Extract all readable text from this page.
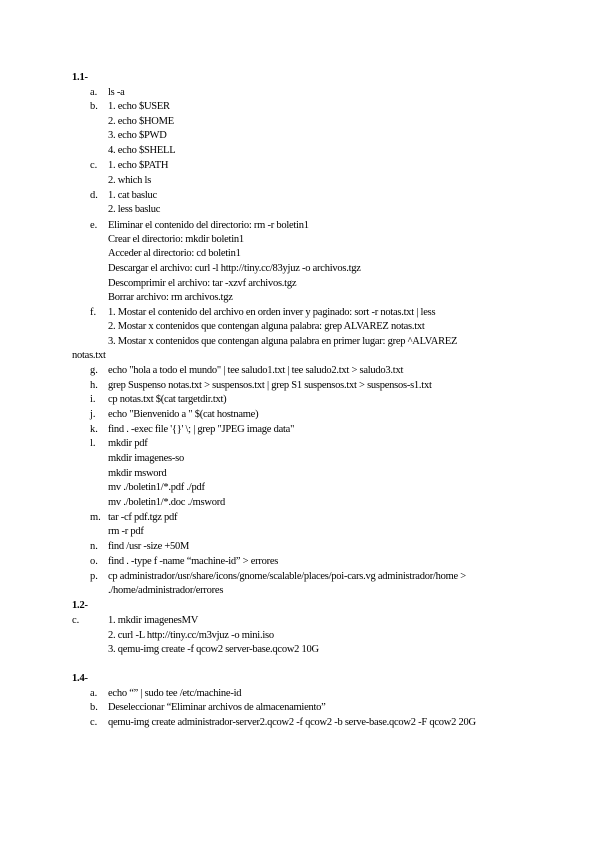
1.1-
a. ls -a
b. 1. echo $USER
2. echo $HOME
3. echo $PWD
4. echo $SHELL
c. 1. echo $PATH
2. which ls
d. 1. cat basluc
2. less basluc
e. Eliminar el contenido del directorio: rm -r boletin1
Crear el directorio: mkdir boletin1
Acceder al directorio: cd boletin1
Descargar el archivo: curl -l http://tiny.cc/83yjuz -o archivos.tgz
Descomprimir el archivo: tar -xzvf archivos.tgz
Borrar archivo: rm archivos.tgz
f. 1. Mostar el contenido del archivo en orden inver y paginado: sort -r notas.txt | less
2. Mostar x contenidos que contengan alguna palabra: grep ALVAREZ notas.txt
3. Mostar x contenidos que contengan alguna palabra en primer lugar: grep ^ALVAREZ
notas.txt
g. echo "hola a todo el mundo" | tee saludo1.txt | tee saludo2.txt > saludo3.txt
h. grep Suspenso notas.txt > suspensos.txt | grep S1 suspensos.txt > suspensos-s1.txt
i. cp notas.txt $(cat targetdir.txt)
j. echo "Bienvenido a " $(cat hostname)
k. find . -exec file '{}' \; | grep "JPEG image data"
l. mkdir pdf
mkdir imagenes-so
mkdir msword
mv ./boletin1/*.pdf ./pdf
mv ./boletin1/*.doc ./msword
m. tar -cf pdf.tgz pdf
rm -r pdf
n. find /usr -size +50M
o. find . -type f -name “machine-id” > errores
p. cp administrador/usr/share/icons/gnome/scalable/places/poi-cars.vg administrador/home >
./home/administrador/errores
1.2-
c.	1. mkdir imagenesMV
2. curl -L http://tiny.cc/m3vjuz -o mini.iso
3. qemu-img create -f qcow2 server-base.qcow2 10G
1.4-
a. echo “” | sudo tee /etc/machine-id
b. Deseleccionar “Eliminar archivos de almacenamiento”
c. qemu-img create administrador-server2.qcow2 -f qcow2 -b serve-base.qcow2 -F qcow2 20G
